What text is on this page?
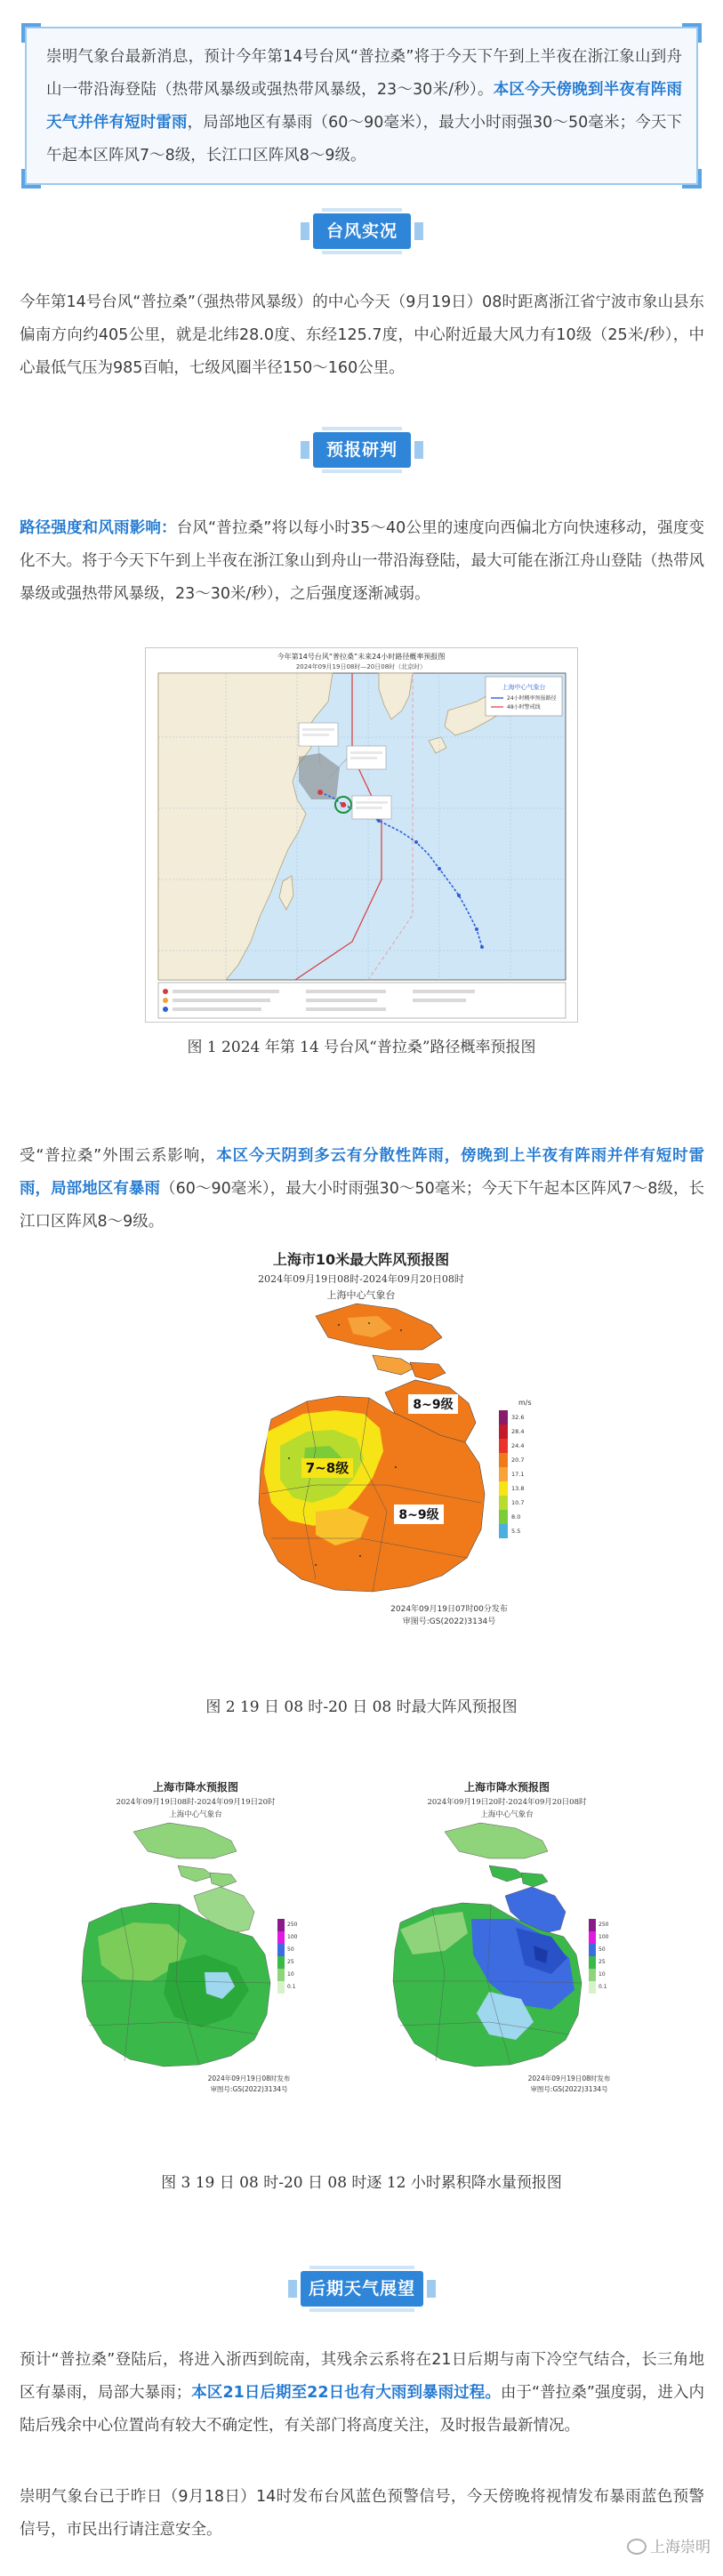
崇明气象台最新消息，预计今年第14号台风“普拉桑”将于今天下午到上半夜在浙江象山到舟山一带沿海登陆（热带风暴级或强热带风暴级，23～30米/秒）。本区今天傍晚到半夜有阵雨天气并伴有短时雷雨，局部地区有暴雨（60～90毫米），最大小时雨强30～50毫米；今天下午起本区阵风7～8级，长江口区阵风8～9级。

台风实况

今年第14号台风“普拉桑”（强热带风暴级）的中心今天（9月19日）08时距离浙江省宁波市象山县东偏南方向约405公里，就是北纬28.0度、东经125.7度，中心附近最大风力有10级（25米/秒），中心最低气压为985百帕，七级风圈半径150～160公里。

预报研判

路径强度和风雨影响：台风“普拉桑”将以每小时35～40公里的速度向西偏北方向快速移动，强度变化不大。将于今天下午到上半夜在浙江象山到舟山一带沿海登陆，最大可能在浙江舟山登陆（热带风暴级或强热带风暴级，23～30米/秒），之后强度逐渐减弱。

今年第14号台风“普拉桑”未来24小时路径概率预报图
2024年09月19日08时—20日08时（北京时）
上海中心气象台
24小时概率预报路径
48小时警戒线

图 1 2024 年第 14 号台风“普拉桑”路径概率预报图

受“普拉桑”外围云系影响，本区今天阴到多云有分散性阵雨，傍晚到上半夜有阵雨并伴有短时雷雨，局部地区有暴雨（60～90毫米），最大小时雨强30～50毫米；今天下午起本区阵风7～8级，长江口区阵风8～9级。

上海市10米最大阵风预报图
2024年09月19日08时-2024年09月20日08时
上海中心气象台
8~9级
7~8级
8~9级
m/s
32.6
28.4
24.4
20.7
17.1
13.8
10.7
8.0
5.5
2024年09月19日07时00分发布
审图号:GS(2022)3134号

图 2 19 日 08 时-20 日 08 时最大阵风预报图

上海市降水预报图
2024年09月19日08时-2024年09月19日20时
上海中心气象台
250
100
50
25
10
0.1
2024年09月19日08时发布
审图号:GS(2022)3134号
上海市降水预报图
2024年09月19日20时-2024年09月20日08时
上海中心气象台
250
100
50
25
10
0.1
2024年09月19日08时发布
审图号:GS(2022)3134号

图 3 19 日 08 时-20 日 08 时逐 12 小时累积降水量预报图

后期天气展望

预计“普拉桑”登陆后，将进入浙西到皖南，其残余云系将在21日后期与南下冷空气结合，长三角地区有暴雨，局部大暴雨；本区21日后期至22日也有大雨到暴雨过程。由于“普拉桑”强度弱，进入内陆后残余中心位置尚有较大不确定性，有关部门将高度关注，及时报告最新情况。

崇明气象台已于昨日（9月18日）14时发布台风蓝色预警信号，今天傍晚将视情发布暴雨蓝色预警信号，市民出行请注意安全。

上海崇明
